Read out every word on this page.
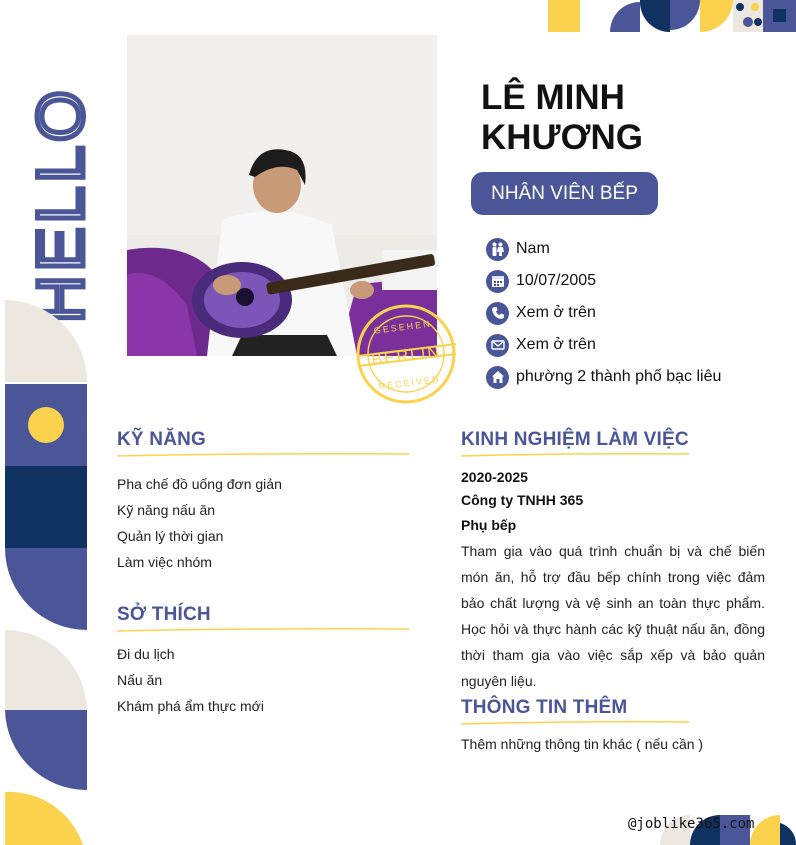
HELLO
BERLIN
GESEHEN
RECEIVED
LÊ MINH
KHƯƠNG
NHÂN VIÊN BẾP
Nam
10/07/2005
Xem ở trên
Xem ở trên
phường 2 thành phố bạc liêu
KỸ NĂNG
Pha chế đồ uống đơn giản
Kỹ năng nấu ăn
Quản lý thời gian
Làm việc nhóm
SỞ THÍCH
Đi du lịch
Nấu ăn
Khám phá ẩm thực mới
KINH NGHIỆM LÀM VIỆC
2020-2025
Công ty TNHH 365
Phụ bếp
Tham gia vào quá trình chuẩn bị và chế biến món ăn, hỗ trợ đầu bếp chính trong việc đảm bảo chất lượng và vệ sinh an toàn thực phẩm. Học hỏi và thực hành các kỹ thuật nấu ăn, đồng thời tham gia vào việc sắp xếp và bảo quản nguyên liệu.
THÔNG TIN THÊM
Thêm những thông tin khác ( nếu cần )
@joblike365.com
